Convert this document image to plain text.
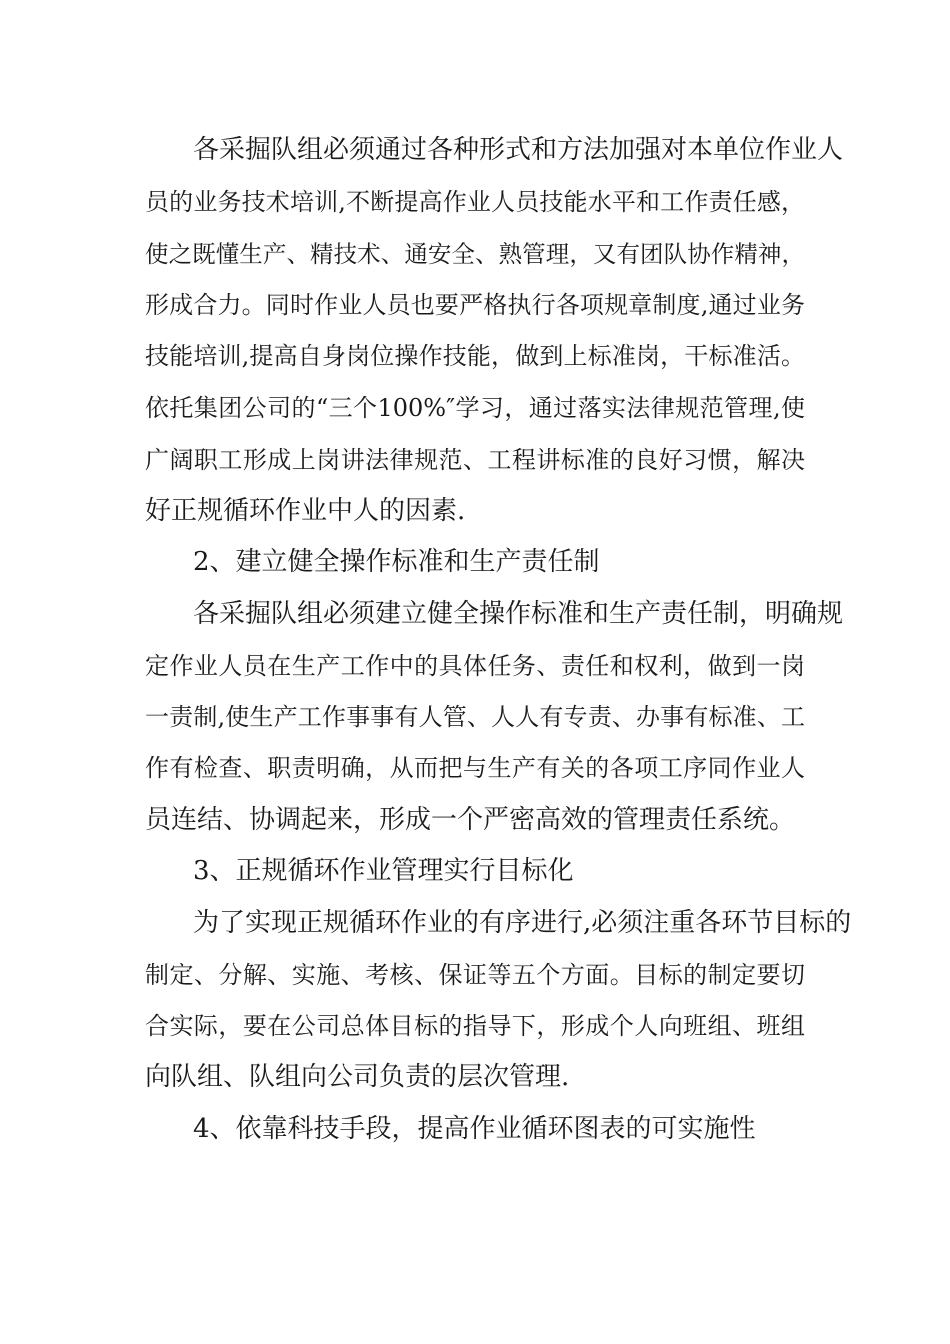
各采掘队组必须通过各种形式和方法加强对本单位作业人
员的业务技术培训,不断提高作业人员技能水平和工作责任感，
使之既懂生产、精技术、通安全、熟管理，又有团队协作精神，
形成合力。同时作业人员也要严格执行各项规章制度,通过业务
技能培训,提高自身岗位操作技能，做到上标准岗，干标准活。
依托集团公司的“三个100%″学习，通过落实法律规范管理,使
广阔职工形成上岗讲法律规范、工程讲标准的良好习惯，解决
好正规循环作业中人的因素.
2、建立健全操作标准和生产责任制
各采掘队组必须建立健全操作标准和生产责任制，明确规
定作业人员在生产工作中的具体任务、责任和权利，做到一岗
一责制,使生产工作事事有人管、人人有专责、办事有标准、工
作有检查、职责明确，从而把与生产有关的各项工序同作业人
员连结、协调起来，形成一个严密高效的管理责任系统。
3、正规循环作业管理实行目标化
为了实现正规循环作业的有序进行,必须注重各环节目标的
制定、分解、实施、考核、保证等五个方面。目标的制定要切
合实际，要在公司总体目标的指导下，形成个人向班组、班组
向队组、队组向公司负责的层次管理.
4、依靠科技手段，提高作业循环图表的可实施性
